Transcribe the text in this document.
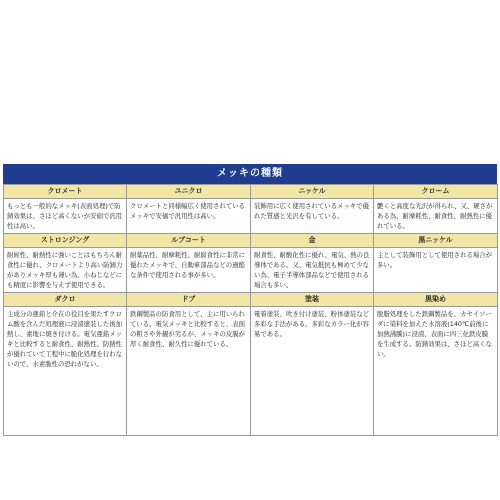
メッキの種類
クロメート	ユニクロ	ニッケル	クローム
もっとも一般的なメッキ(表面処理)で防錆効果は、さほど高くないが安価で汎用性は高い。	クロメートと同様幅広く使用されているメッキで安価で汎用性は高い。	装飾用に広く使用されているメッキで優れた質感と光沢を有している。	艶くと高度な光沢が得られ、又、硬さがある為、耐摩耗性、耐食性、耐熱性に優れている。
ストロンジング	ルブコート	金	黒ニッケル
耐候性、耐熱性に強いことはもちろん耐食性に優れ、クロメートより高い防錆力がありメッキ厚も薄い為、小ねじなどにも精度に影響を与えず使用できる。	耐薬品性、耐摩耗性、耐腐食性に非常に優れたメッキで、自動車部品などの過酷な条件で使用される事が多い。	耐食性、耐酸化性に優れ、電気、熱の良導体である。又、電気抵抗も極めて少ない為、電子半導体部品などで使用される場合も多い。	主として装飾用として使用される場合が多い。
ダクロ	ドブ	塗装	黒染め
主成分の亜鉛と介在の役目を果たすクロム酸を含んだ処理液に浸漬塗装した後加熱し、素地に焼き付ける。電気亜鉛メッキと比較すると耐食性、耐熱性、防錆性が優れていて工程中に脆化処理を行わないので、水素脆性の恐れがない。	鉄鋼製品の防食用として、主に用いられている。電気メッキと比較すると、表面の粗さや外観が劣るが、メッキの皮膜が厚く耐食性、耐久性に優れている。	電着塗装、吹き付け塗装、粉体塗装など多彩な手法がある。多彩なカラー化が容易である。	脱脂処理をした鉄鋼製品を、カセイソーダに染料を加えた水溶液(140℃前後に加熱沸騰)に浸漬、表面に四三化鉄皮膜を生成する。防錆効果は、さほど高くない。
